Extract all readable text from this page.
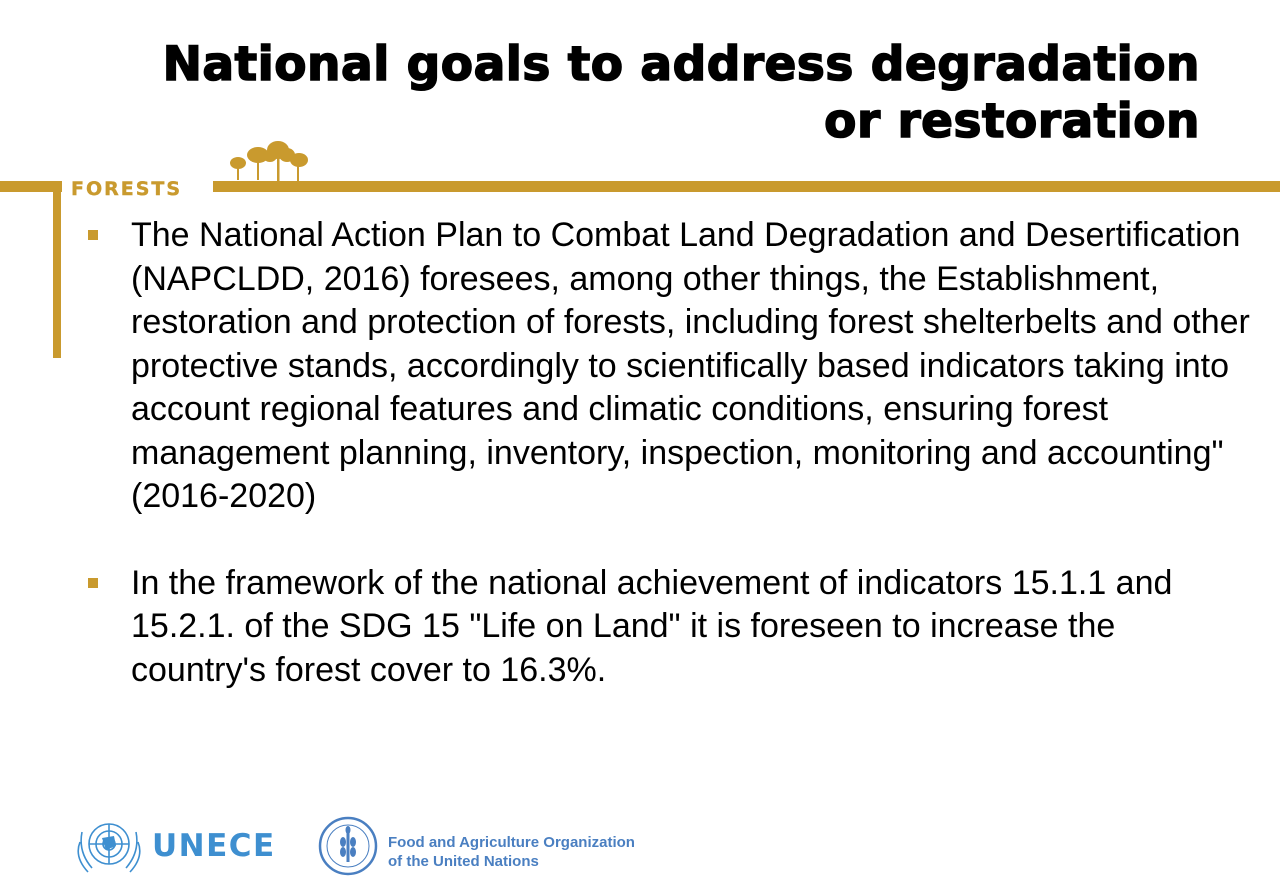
National goals to address degradation
or restoration
FORESTS
The National Action Plan to Combat Land Degradation and Desertification (NAPCLDD, 2016) foresees, among other things, the Establishment, restoration and protection of forests, including forest shelterbelts and other protective stands, accordingly to scientifically based indicators taking into account regional features and climatic conditions, ensuring forest management planning, inventory, inspection, monitoring and accounting" (2016-2020)
In the framework of the national achievement of indicators 15.1.1 and 15.2.1. of the SDG 15 "Life on Land" it is foreseen to increase the country's forest cover to 16.3%.
UNECE	Food and Agriculture Organization
of the United Nations
